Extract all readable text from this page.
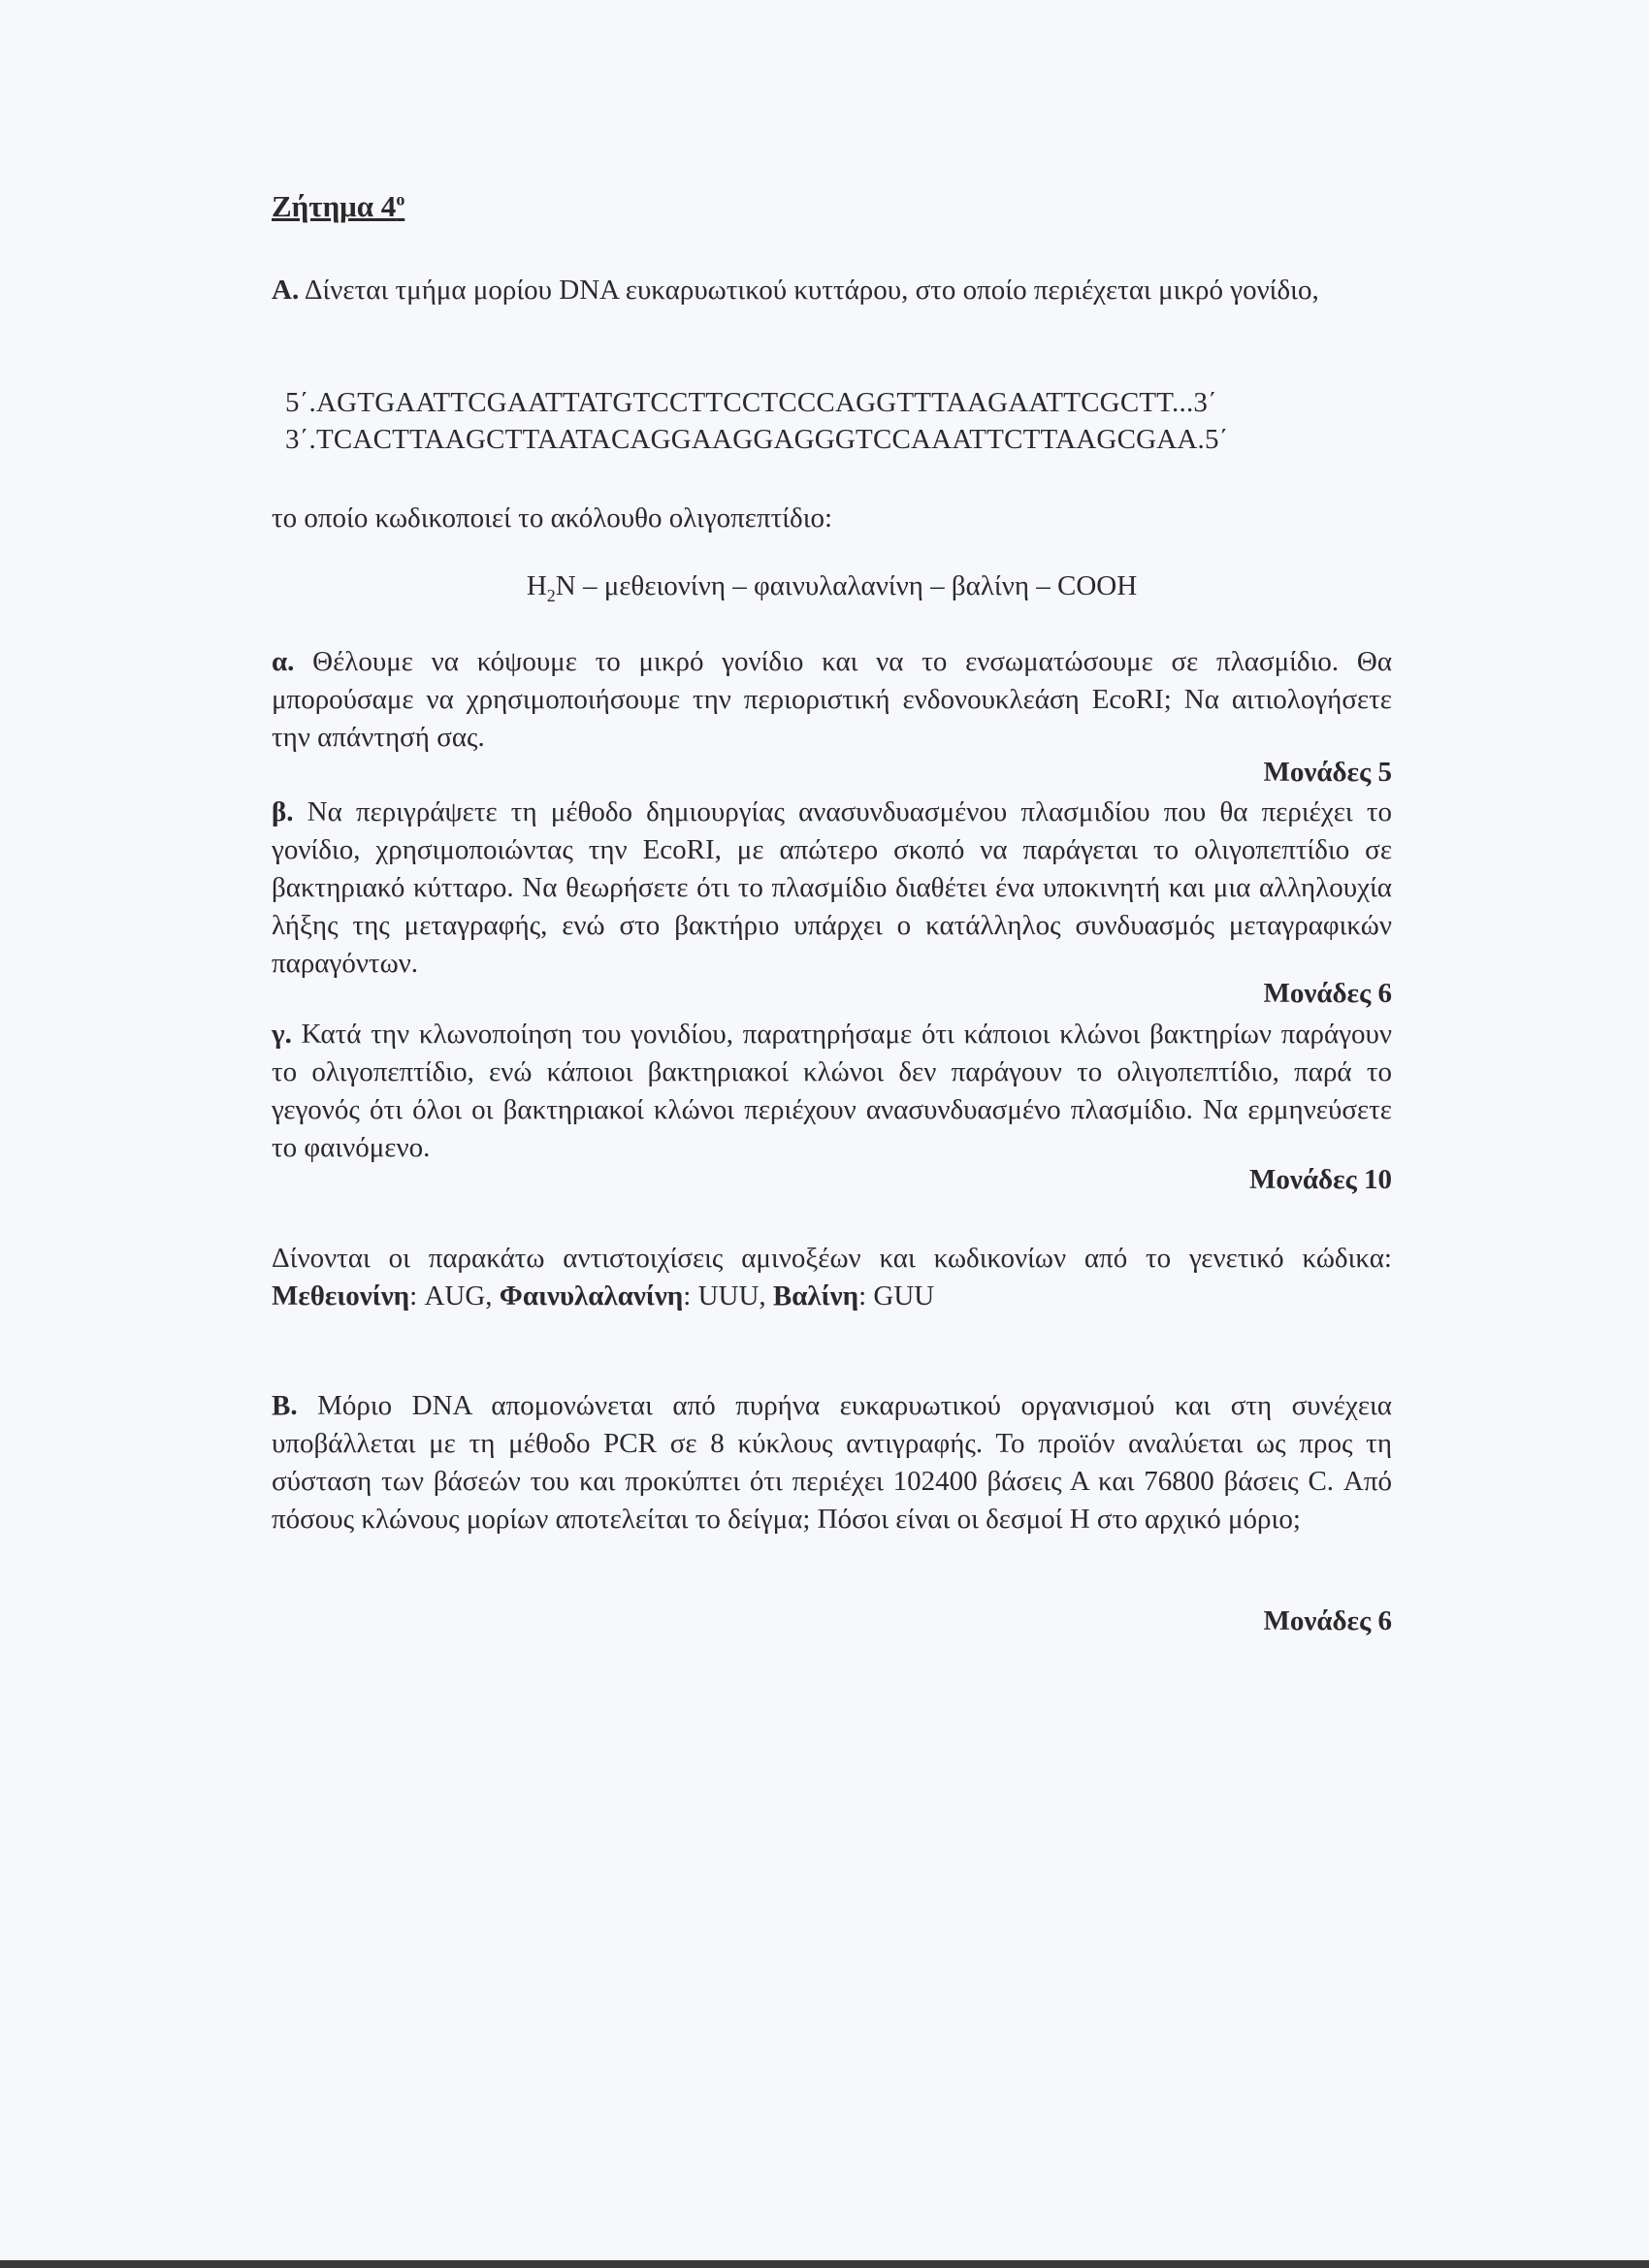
Ζήτημα $4^o$
Α. Δίνεται τμήμα μορίου DNA ευκαρυωτικού κυττάρου, στο οποίο περιέχεται μικρό γονίδιο,
5΄.AGTGAATTCGAATTATGTCCTTCCTCCCAGGTTTAAGAATTCGCTT...3΄
3΄.TCACTTAAGCTTAATACAGGAAGGAGGGTCCAAATTCTTAAGCGAA.5΄
το οποίο κωδικοποιεί το ακόλουθο ολιγοπεπτίδιο:
$H_2N$ – μεθειονίνη – φαινυλαλανίνη – βαλίνη – COOH
α. Θέλουμε να κόψουμε το μικρό γονίδιο και να το ενσωματώσουμε σε πλασμίδιο. Θα μπορούσαμε να χρησιμοποιήσουμε την περιοριστική ενδονουκλεάση EcoRI; Να αιτιολογήσετε την απάντησή σας.
Μονάδες 5
β. Να περιγράψετε τη μέθοδο δημιουργίας ανασυνδυασμένου πλασμιδίου που θα περιέχει το γονίδιο, χρησιμοποιώντας την EcoRI, με απώτερο σκοπό να παράγεται το ολιγοπεπτίδιο σε βακτηριακό κύτταρο. Να θεωρήσετε ότι το πλασμίδιο διαθέτει ένα υποκινητή και μια αλληλουχία λήξης της μεταγραφής, ενώ στο βακτήριο υπάρχει ο κατάλληλος συνδυασμός μεταγραφικών παραγόντων.
Μονάδες 6
γ. Κατά την κλωνοποίηση του γονιδίου, παρατηρήσαμε ότι κάποιοι κλώνοι βακτηρίων παράγουν το ολιγοπεπτίδιο, ενώ κάποιοι βακτηριακοί κλώνοι δεν παράγουν το ολιγοπεπτίδιο, παρά το γεγονός ότι όλοι οι βακτηριακοί κλώνοι περιέχουν ανασυνδυασμένο πλασμίδιο. Να ερμηνεύσετε το φαινόμενο.
Μονάδες 10
Δίνονται οι παρακάτω αντιστοιχίσεις αμινοξέων και κωδικονίων από το γενετικό κώδικα: Μεθειονίνη: AUG, Φαινυλαλανίνη: UUU, Βαλίνη: GUU
Β. Μόριο DNA απομονώνεται από πυρήνα ευκαρυωτικού οργανισμού και στη συνέχεια υποβάλλεται με τη μέθοδο PCR σε 8 κύκλους αντιγραφής. Το προϊόν αναλύεται ως προς τη σύσταση των βάσεών του και προκύπτει ότι περιέχει 102400 βάσεις Α και 76800 βάσεις C. Από πόσους κλώνους μορίων αποτελείται το δείγμα; Πόσοι είναι οι δεσμοί Η στο αρχικό μόριο;
Μονάδες 6
